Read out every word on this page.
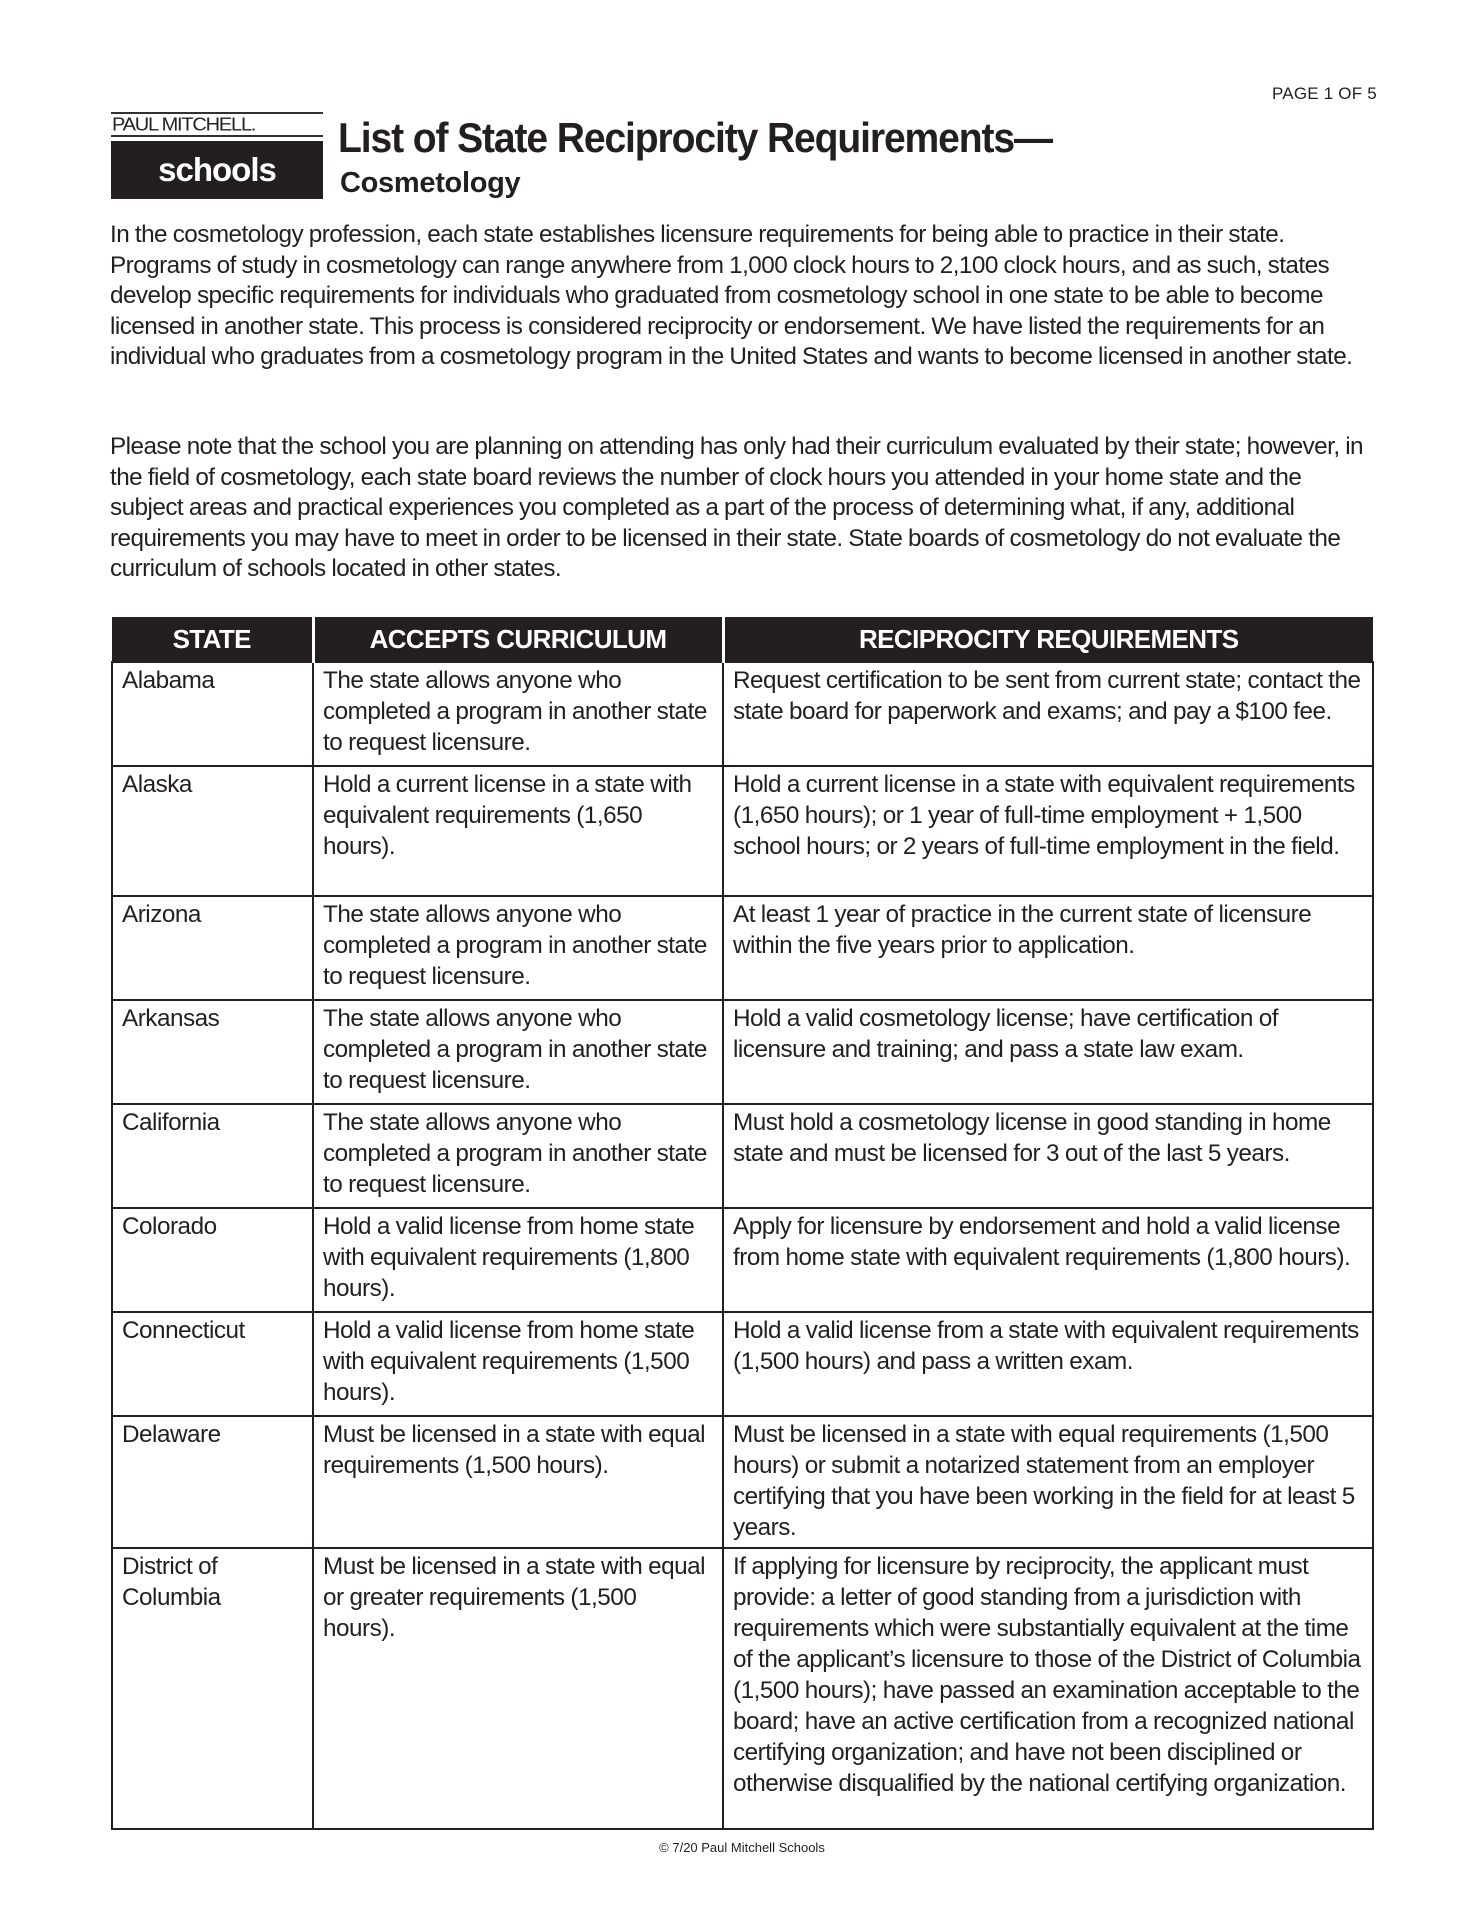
PAGE 1 OF 5
PAUL MITCHELL.
schools
List of State Reciprocity Requirements—
Cosmetology

In the cosmetology profession, each state establishes licensure requirements for being able to practice in their state. Programs of study in cosmetology can range anywhere from 1,000 clock hours to 2,100 clock hours, and as such, states develop specific requirements for individuals who graduated from cosmetology school in one state to be able to become licensed in another state. This process is considered reciprocity or endorsement. We have listed the requirements for an individual who graduates from a cosmetology program in the United States and wants to become licensed in another state.

Please note that the school you are planning on attending has only had their curriculum evaluated by their state; however, in the field of cosmetology, each state board reviews the number of clock hours you attended in your home state and the subject areas and practical experiences you completed as a part of the process of determining what, if any, additional requirements you may have to meet in order to be licensed in their state. State boards of cosmetology do not evaluate the curriculum of schools located in other states.

STATE	ACCEPTS CURRICULUM	RECIPROCITY REQUIREMENTS
Alabama	The state allows anyone who completed a program in another state to request licensure.	Request certification to be sent from current state; contact the state board for paperwork and exams; and pay a $100 fee.
Alaska	Hold a current license in a state with equivalent requirements (1,650 hours).	Hold a current license in a state with equivalent requirements (1,650 hours); or 1 year of full-time employment + 1,500 school hours; or 2 years of full-time employment in the field.
Arizona	The state allows anyone who completed a program in another state to request licensure.	At least 1 year of practice in the current state of licensure within the five years prior to application.
Arkansas	The state allows anyone who completed a program in another state to request licensure.	Hold a valid cosmetology license; have certification of licensure and training; and pass a state law exam.
California	The state allows anyone who completed a program in another state to request licensure.	Must hold a cosmetology license in good standing in home state and must be licensed for 3 out of the last 5 years.
Colorado	Hold a valid license from home state with equivalent requirements (1,800 hours).	Apply for licensure by endorsement and hold a valid license from home state with equivalent requirements (1,800 hours).
Connecticut	Hold a valid license from home state with equivalent requirements (1,500 hours).	Hold a valid license from a state with equivalent requirements (1,500 hours) and pass a written exam.
Delaware	Must be licensed in a state with equal requirements (1,500 hours).	Must be licensed in a state with equal requirements (1,500 hours) or submit a notarized statement from an employer certifying that you have been working in the field for at least 5 years.
District of Columbia	Must be licensed in a state with equal or greater requirements (1,500 hours).	If applying for licensure by reciprocity, the applicant must provide: a letter of good standing from a jurisdiction with requirements which were substantially equivalent at the time of the applicant’s licensure to those of the District of Columbia (1,500 hours); have passed an examination acceptable to the board; have an active certification from a recognized national certifying organization; and have not been disciplined or otherwise disqualified by the national certifying organization.
© 7/20 Paul Mitchell Schools
